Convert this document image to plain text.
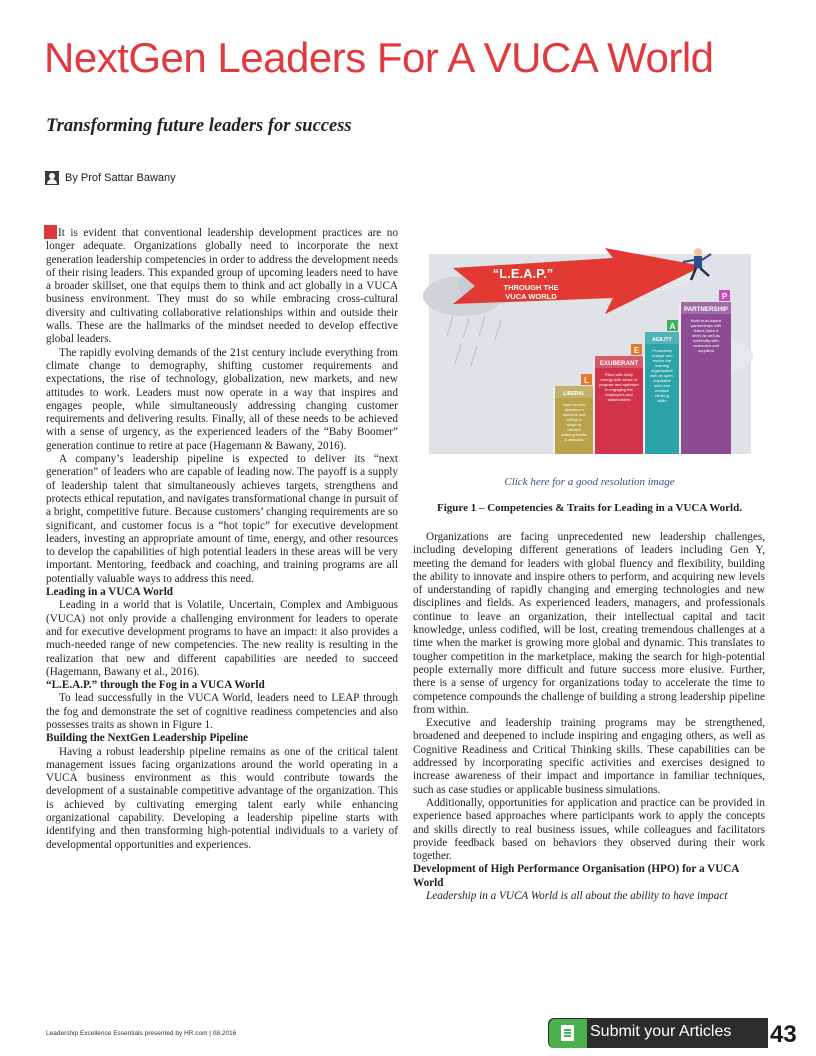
NextGen Leaders For A VUCA World
Transforming future leaders for success
By Prof Sattar Bawany

It is evident that conventional leadership development practices are no longer adequate. Organizations globally need to incorporate the next generation leadership competencies in order to address the development needs of their rising leaders. This expanded group of upcoming leaders need to have a broader skillset, one that equips them to think and act globally in a VUCA business environment. They must do so while embracing cross-cultural diversity and cultivating collaborative relationships within and outside their walls. These are the hallmarks of the mindset needed to develop effective global leaders.

The rapidly evolving demands of the 21st century include everything from climate change to demography, shifting customer requirements and expectations, the rise of technology, globalization, new markets, and new attitudes to work. Leaders must now operate in a way that inspires and engages people, while simultaneously addressing changing customer requirements and delivering results. Finally, all of these needs to be achieved with a sense of urgency, as the experienced leaders of the “Baby Boomer” generation continue to retire at pace (Hagemann & Bawany, 2016).

A company’s leadership pipeline is expected to deliver its “next generation” of leaders who are capable of leading now. The payoff is a supply of leadership talent that simultaneously achieves targets, strengthens and protects ethical reputation, and navigates transformational change in pursuit of a bright, competitive future. Because customers’ changing requirements are so significant, and customer focus is a “hot topic” for executive development leaders, investing an appropriate amount of time, energy, and other resources to develop the capabilities of high potential leaders in these areas will be very important. Mentoring, feedback and coaching, and training programs are all potentially valuable ways to address this need.

Leading in a VUCA World

Leading in a world that is Volatile, Uncertain, Complex and Ambiguous (VUCA) not only provide a challenging environment for leaders to operate and for executive development programs to have an impact: it also provides a much-needed range of new competencies. The new reality is resulting in the realization that new and different capabilities are needed to succeed (Hagemann, Bawany et al., 2016).

“L.E.A.P.” through the Fog in a VUCA World

To lead successfully in the VUCA World, leaders need to LEAP through the fog and demonstrate the set of cognitive readiness competencies and also possesses traits as shown in Figure 1.

Building the NextGen Leadership Pipeline

Having a robust leadership pipeline remains as one of the critical talent management issues facing organizations around the world operating in a VUCA business environment as this would contribute towards the development of a sustainable competitive advantage of the organization. This is achieved by cultivating emerging talent early while enhancing organizational capability. Developing a leadership pipeline starts with identifying and then transforming high-potential individuals to a variety of developmental opportunities and experiences.

Organizations are facing unprecedented new leadership challenges, including developing different generations of leaders including Gen Y, meeting the demand for leaders with global fluency and flexibility, building the ability to innovate and inspire others to perform, and acquiring new levels of understanding of rapidly changing and emerging technologies and new disciplines and fields. As experienced leaders, managers, and professionals continue to leave an organization, their intellectual capital and tacit knowledge, unless codified, will be lost, creating tremendous challenges at a time when the market is growing more global and dynamic. This translates to tougher competition in the marketplace, making the search for high-potential people externally more difficult and future success more elusive. Further, there is a sense of urgency for organizations today to accelerate the time to competence compounds the challenge of building a strong leadership pipeline from within.

Executive and leadership training programs may be strengthened, broadened and deepened to include inspiring and engaging others, as well as Cognitive Readiness and Critical Thinking skills. These capabilities can be addressed by incorporating specific activities and exercises designed to increase awareness of their impact and importance in familiar techniques, such as case studies or applicable business simulations.

Additionally, opportunities for application and practice can be provided in experience based approaches where participants work to apply the concepts and skills directly to real business issues, while colleagues and facilitators provide feedback based on behaviors they observed during their work together.

Development of High Performance Organisation (HPO) for a VUCA World

Leadership in a VUCA World is all about the ability to have impact

“L.E.A.P.”
THROUGH THE
VUCA WORLD
LIBERAL
L
Open to new direction in opinions and willing to adapt or discard existing habits & attitudes
EXUBERANT
E
Filled with lively energy with sense of purpose and optimism in engaging the employees and stakeholders
AGILITY
A
Proactively change and evolve the learning organisation with an open, inquisitive mind and creative thinking skills
PARTNERSHIP
P
Build trust-based partnerships with teams (intra & inter) as well as externally with customers and suppliers
Click here for a good resolution image
Figure 1 – Competencies & Traits for Leading in a VUCA World.
Leadership Excellence Essentials presented by HR.com | 08.2016	Submit your Articles 43
